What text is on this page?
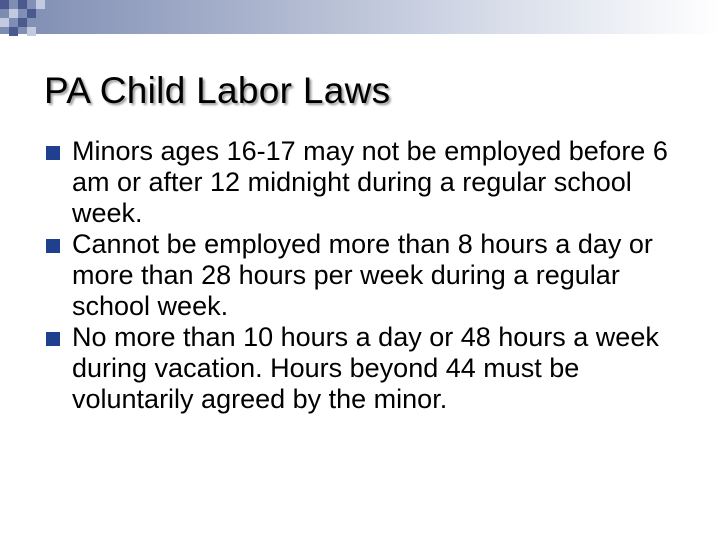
PA Child Labor Laws
Minors ages 16-17 may not be employed before 6 am or after 12 midnight during a regular school week.
Cannot be employed more than 8 hours a day or more than 28 hours per week during a regular school week.
No more than 10 hours a day or 48 hours a week during vacation. Hours beyond 44 must be voluntarily agreed by the minor.
